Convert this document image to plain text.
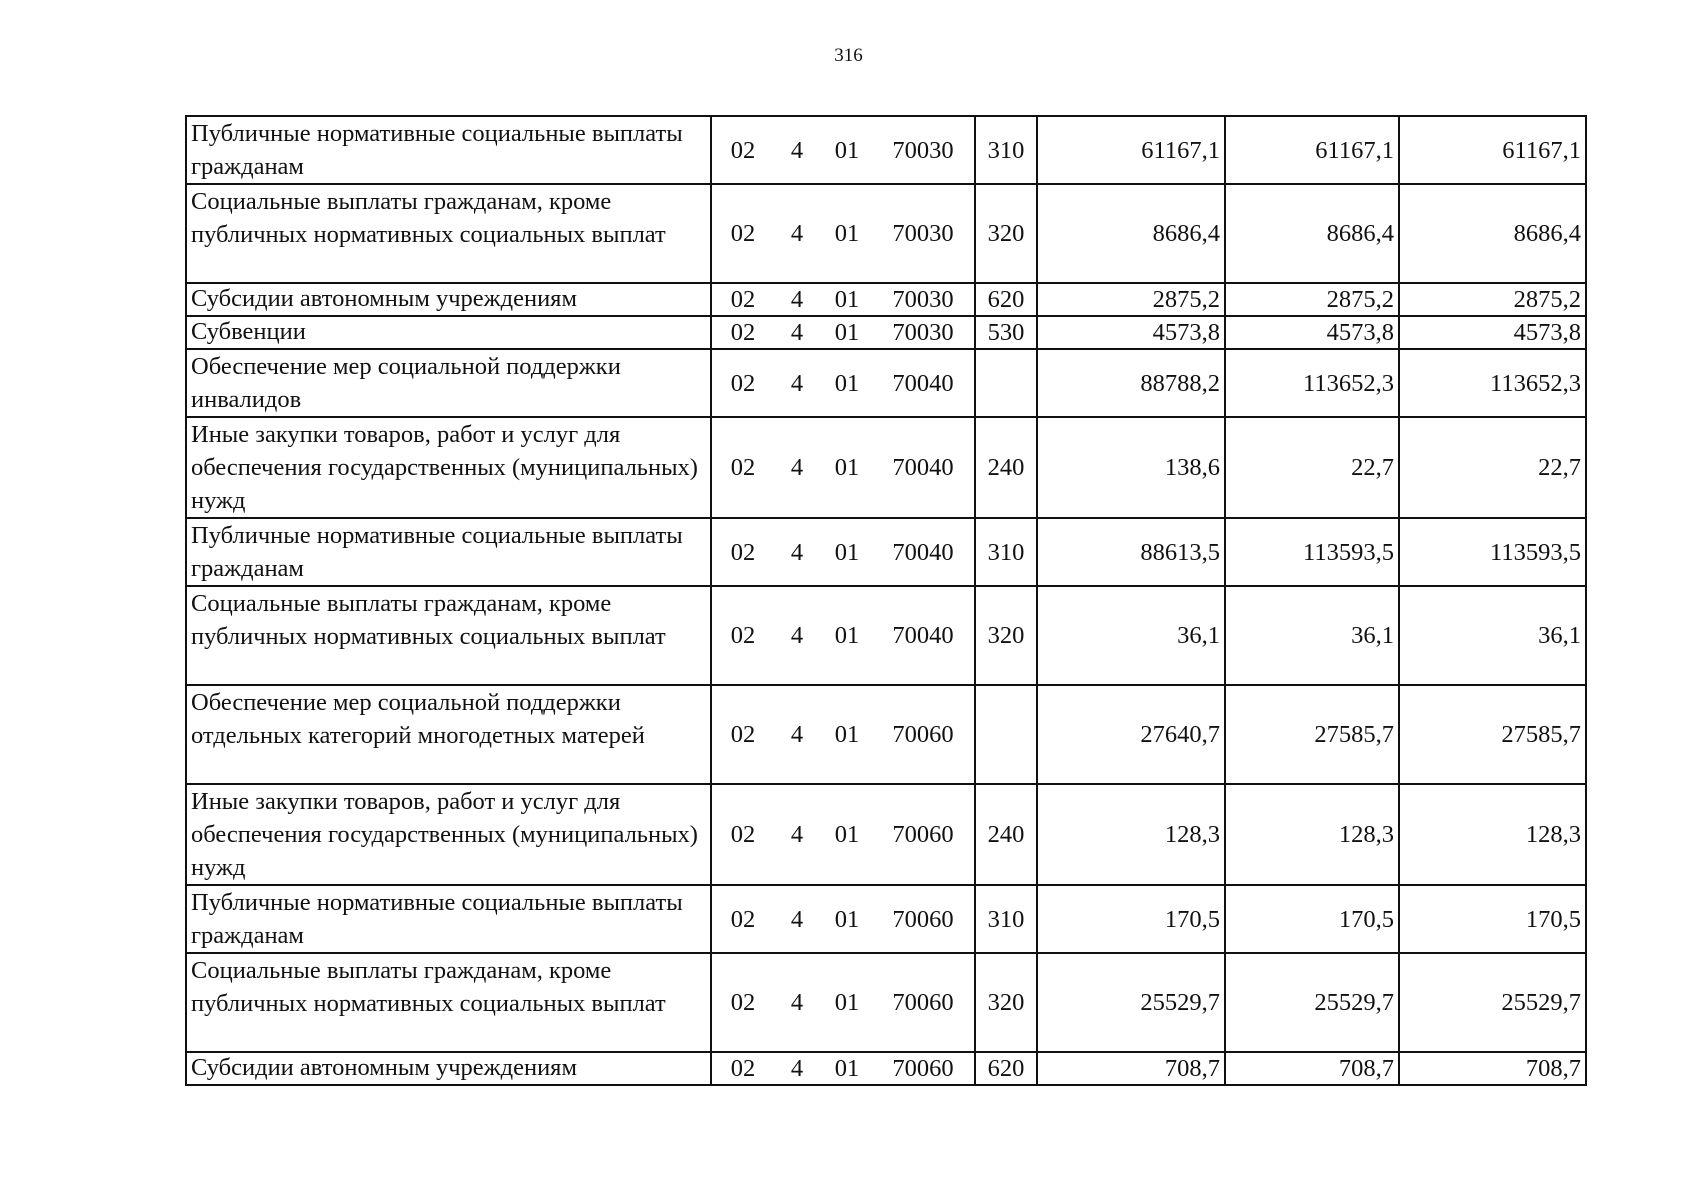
316
Публичные нормативные социальные выплаты гражданам	02 4 01 70030	310	61167,1	61167,1	61167,1
Социальные выплаты гражданам, кроме публичных нормативных социальных выплат	02 4 01 70030	320	8686,4	8686,4	8686,4
Субсидии автономным учреждениям	02 4 01 70030	620	2875,2	2875,2	2875,2
Субвенции	02 4 01 70030	530	4573,8	4573,8	4573,8
Обеспечение мер социальной поддержки инвалидов	02 4 01 70040		88788,2	113652,3	113652,3
Иные закупки товаров, работ и услуг для обеспечения государственных (муниципальных) нужд	02 4 01 70040	240	138,6	22,7	22,7
Публичные нормативные социальные выплаты гражданам	02 4 01 70040	310	88613,5	113593,5	113593,5
Социальные выплаты гражданам, кроме публичных нормативных социальных выплат	02 4 01 70040	320	36,1	36,1	36,1
Обеспечение мер социальной поддержки отдельных категорий многодетных матерей	02 4 01 70060		27640,7	27585,7	27585,7
Иные закупки товаров, работ и услуг для обеспечения государственных (муниципальных) нужд	02 4 01 70060	240	128,3	128,3	128,3
Публичные нормативные социальные выплаты гражданам	02 4 01 70060	310	170,5	170,5	170,5
Социальные выплаты гражданам, кроме публичных нормативных социальных выплат	02 4 01 70060	320	25529,7	25529,7	25529,7
Субсидии автономным учреждениям	02 4 01 70060	620	708,7	708,7	708,7
